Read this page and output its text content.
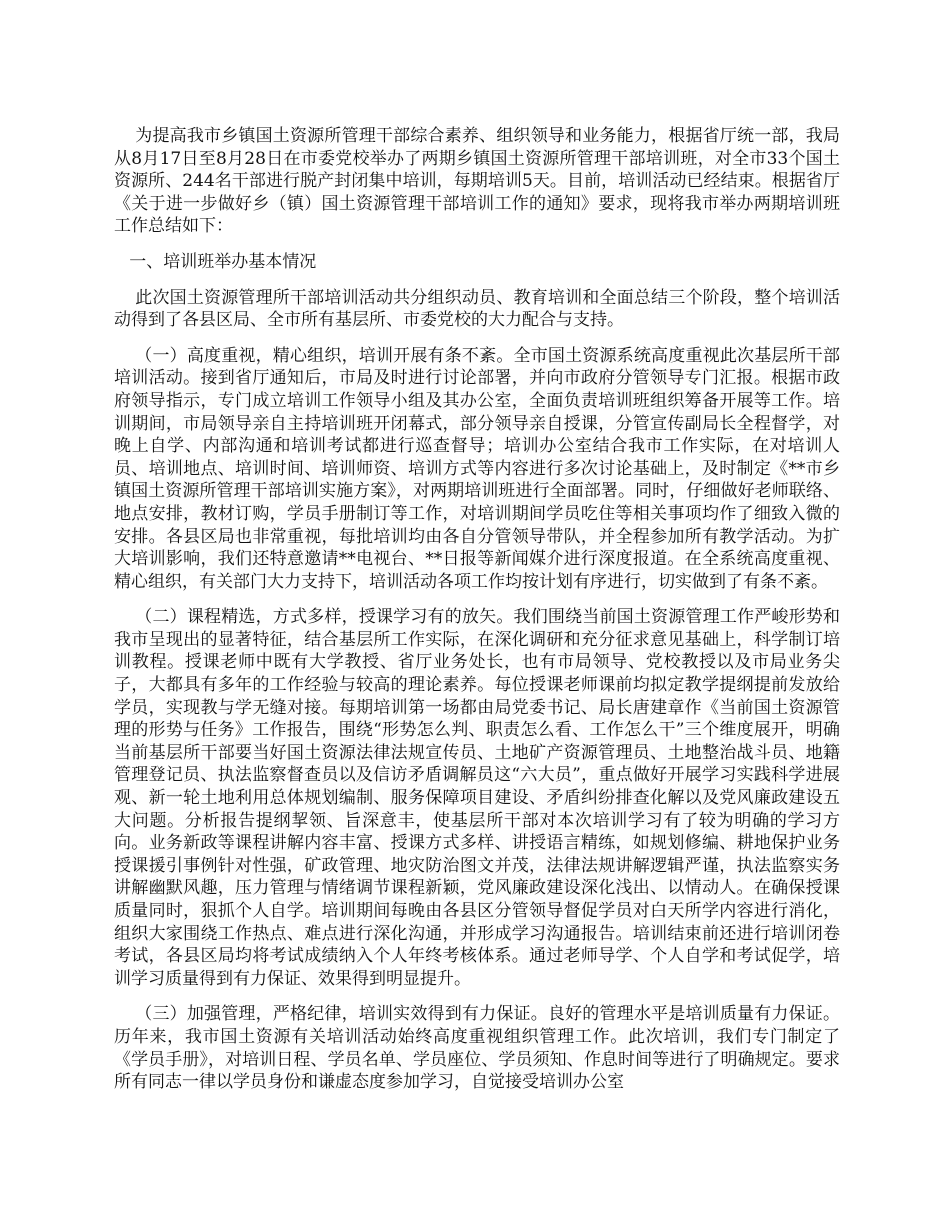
为提高我市乡镇国土资源所管理干部综合素养、组织领导和业务能力，根据省厅统一部，我局从8月17日至8月28日在市委党校举办了两期乡镇国土资源所管理干部培训班，对全市33个国土资源所、244名干部进行脱产封闭集中培训，每期培训5天。目前，培训活动已经结束。根据省厅《关于进一步做好乡（镇）国土资源管理干部培训工作的通知》要求，现将我市举办两期培训班工作总结如下：

一、培训班举办基本情况

此次国土资源管理所干部培训活动共分组织动员、教育培训和全面总结三个阶段，整个培训活动得到了各县区局、全市所有基层所、市委党校的大力配合与支持。

（一）高度重视，精心组织，培训开展有条不紊。全市国土资源系统高度重视此次基层所干部培训活动。接到省厅通知后，市局及时进行讨论部署，并向市政府分管领导专门汇报。根据市政府领导指示，专门成立培训工作领导小组及其办公室，全面负责培训班组织筹备开展等工作。培训期间，市局领导亲自主持培训班开闭幕式，部分领导亲自授课，分管宣传副局长全程督学，对晚上自学、内部沟通和培训考试都进行巡查督导；培训办公室结合我市工作实际，在对培训人员、培训地点、培训时间、培训师资、培训方式等内容进行多次讨论基础上，及时制定《**市乡镇国土资源所管理干部培训实施方案》，对两期培训班进行全面部署。同时，仔细做好老师联络、地点安排，教材订购，学员手册制订等工作，对培训期间学员吃住等相关事项均作了细致入微的安排。各县区局也非常重视，每批培训均由各自分管领导带队，并全程参加所有教学活动。为扩大培训影响，我们还特意邀请**电视台、**日报等新闻媒介进行深度报道。在全系统高度重视、精心组织，有关部门大力支持下，培训活动各项工作均按计划有序进行，切实做到了有条不紊。

（二）课程精选，方式多样，授课学习有的放矢。我们围绕当前国土资源管理工作严峻形势和我市呈现出的显著特征，结合基层所工作实际，在深化调研和充分征求意见基础上，科学制订培训教程。授课老师中既有大学教授、省厅业务处长，也有市局领导、党校教授以及市局业务尖子，大都具有多年的工作经验与较高的理论素养。每位授课老师课前均拟定教学提纲提前发放给学员，实现教与学无缝对接。每期培训第一场都由局党委书记、局长唐建章作《当前国土资源管理的形势与任务》工作报告，围绕“形势怎么判、职责怎么看、工作怎么干”三个维度展开，明确当前基层所干部要当好国土资源法律法规宣传员、土地矿产资源管理员、土地整治战斗员、地籍管理登记员、执法监察督查员以及信访矛盾调解员这“六大员”，重点做好开展学习实践科学进展观、新一轮土地利用总体规划编制、服务保障项目建设、矛盾纠纷排查化解以及党风廉政建设五大问题。分析报告提纲挈领、旨深意丰，使基层所干部对本次培训学习有了较为明确的学习方向。业务新政等课程讲解内容丰富、授课方式多样、讲授语言精练，如规划修编、耕地保护业务授课援引事例针对性强，矿政管理、地灾防治图文并茂，法律法规讲解逻辑严谨，执法监察实务讲解幽默风趣，压力管理与情绪调节课程新颖，党风廉政建设深化浅出、以情动人。在确保授课质量同时，狠抓个人自学。培训期间每晚由各县区分管领导督促学员对白天所学内容进行消化，组织大家围绕工作热点、难点进行深化沟通，并形成学习沟通报告。培训结束前还进行培训闭卷考试，各县区局均将考试成绩纳入个人年终考核体系。通过老师导学、个人自学和考试促学，培训学习质量得到有力保证、效果得到明显提升。

（三）加强管理，严格纪律，培训实效得到有力保证。良好的管理水平是培训质量有力保证。历年来，我市国土资源有关培训活动始终高度重视组织管理工作。此次培训，我们专门制定了《学员手册》，对培训日程、学员名单、学员座位、学员须知、作息时间等进行了明确规定。要求所有同志一律以学员身份和谦虚态度参加学习，自觉接受培训办公室
